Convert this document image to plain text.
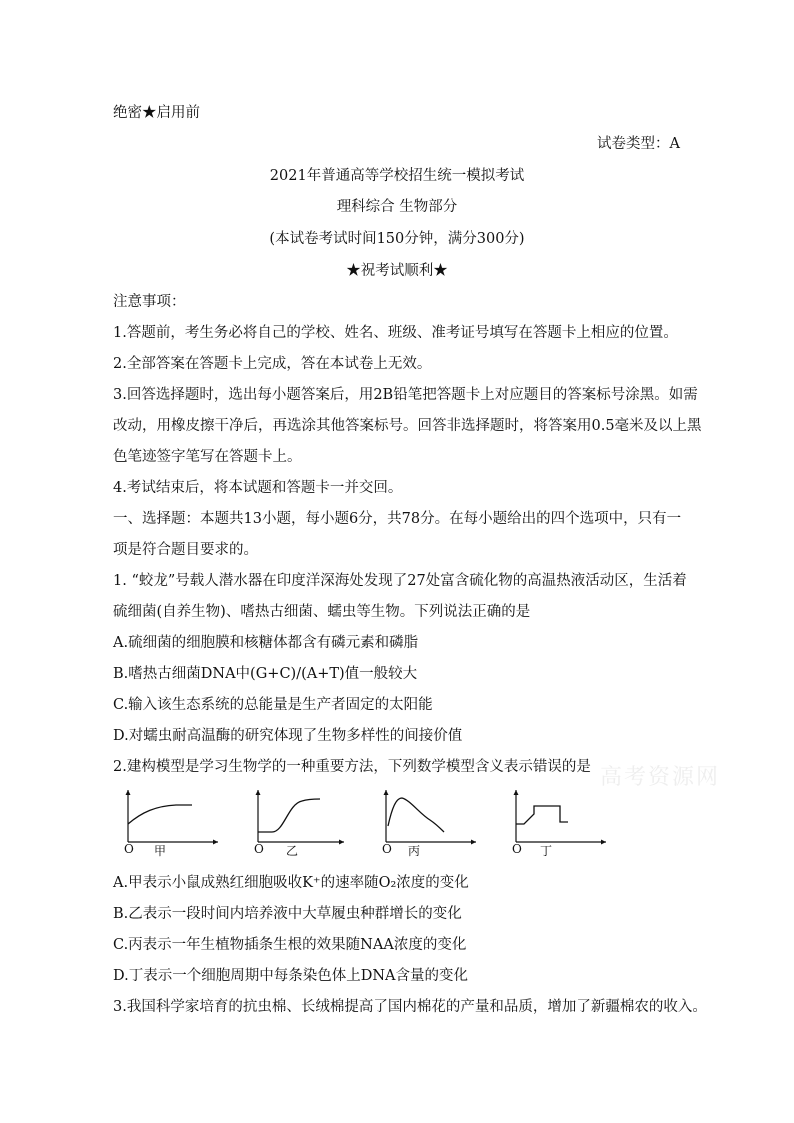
绝密★启用前
试卷类型：A
2021年普通高等学校招生统一模拟考试
理科综合 生物部分
(本试卷考试时间150分钟，满分300分)
★祝考试顺利★
注意事项：
1.答题前，考生务必将自己的学校、姓名、班级、准考证号填写在答题卡上相应的位置。
2.全部答案在答题卡上完成，答在本试卷上无效。
3.回答选择题时，选出每小题答案后，用2B铅笔把答题卡上对应题目的答案标号涂黑。如需
改动，用橡皮擦干净后，再选涂其他答案标号。回答非选择题时，将答案用0.5毫米及以上黑
色笔迹签字笔写在答题卡上。
4.考试结束后，将本试题和答题卡一并交回。
一、选择题：本题共13小题，每小题6分，共78分。在每小题给出的四个选项中，只有一
项是符合题目要求的。
1. “蛟龙”号载人潜水器在印度洋深海处发现了27处富含硫化物的高温热液活动区，生活着
硫细菌(自养生物)、嗜热古细菌、蠕虫等生物。下列说法正确的是
A.硫细菌的细胞膜和核糖体都含有磷元素和磷脂
B.嗜热古细菌DNA中(G+C)/(A+T)值一般较大
C.输入该生态系统的总能量是生产者固定的太阳能
D.对蠕虫耐高温酶的研究体现了生物多样性的间接价值
2.建构模型是学习生物学的一种重要方法，下列数学模型含义表示错误的是 高考资源网
O 甲	O 乙	O 丙	O 丁
A.甲表示小鼠成熟红细胞吸收K⁺的速率随O₂浓度的变化
B.乙表示一段时间内培养液中大草履虫种群增长的变化
C.丙表示一年生植物插条生根的效果随NAA浓度的变化
D.丁表示一个细胞周期中每条染色体上DNA含量的变化
3.我国科学家培育的抗虫棉、长绒棉提高了国内棉花的产量和品质，增加了新疆棉农的收入。
